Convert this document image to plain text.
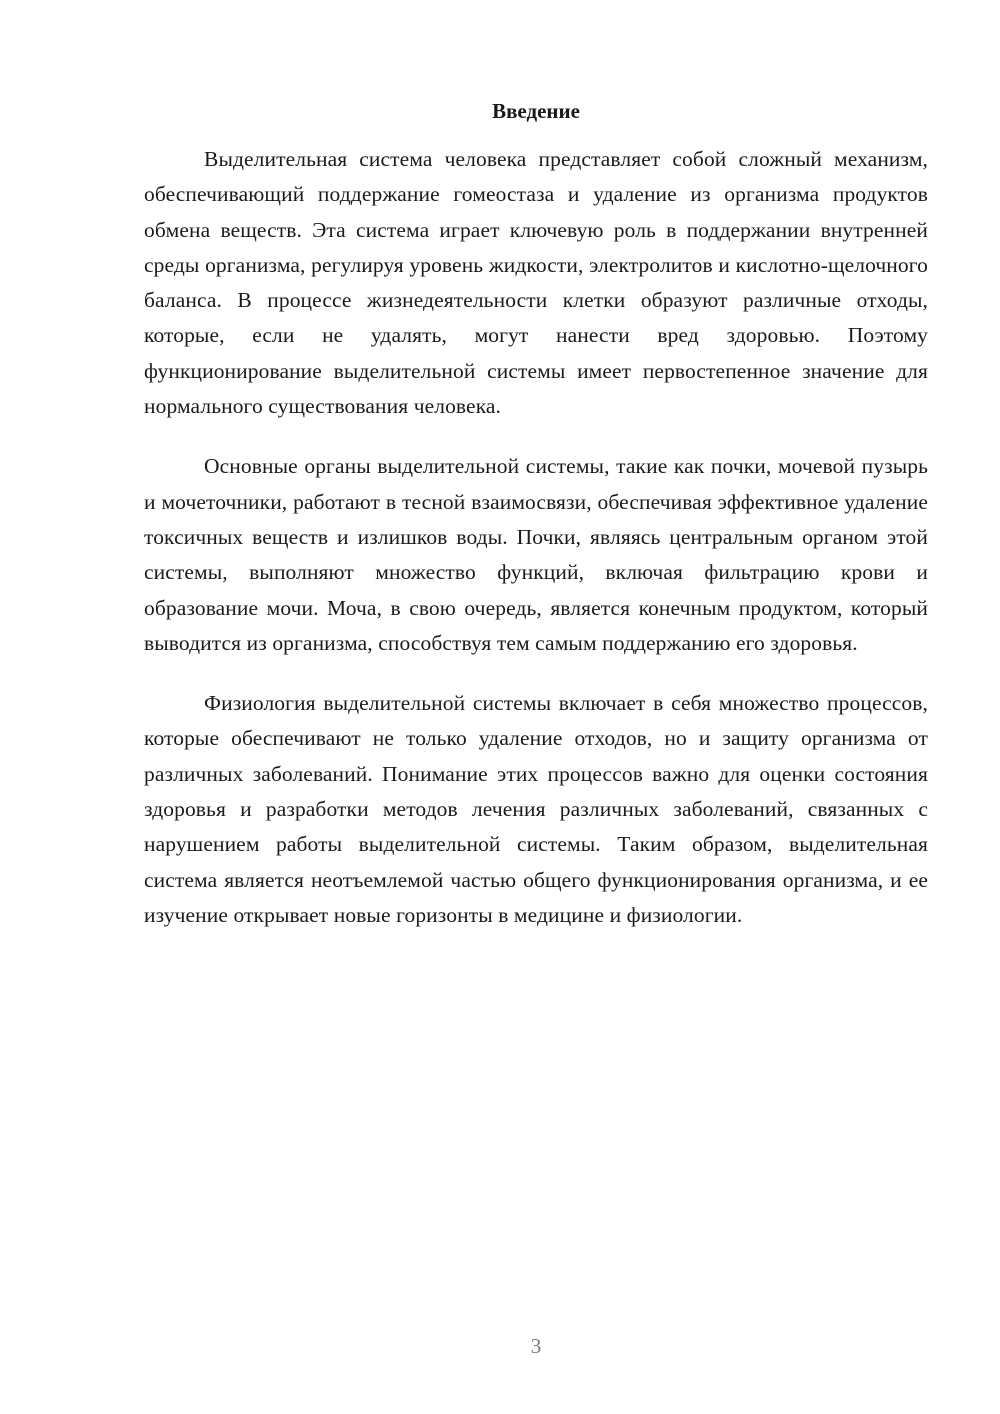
Введение

Выделительная система человека представляет собой сложный механизм, обеспечивающий поддержание гомеостаза и удаление из организма продуктов обмена веществ. Эта система играет ключевую роль в поддержании внутренней среды организма, регулируя уровень жидкости, электролитов и кислотно-щелочного баланса. В процессе жизнедеятельности клетки образуют различные отходы, которые, если не удалять, могут нанести вред здоровью. Поэтому функционирование выделительной системы имеет первостепенное значение для нормального существования человека.

Основные органы выделительной системы, такие как почки, мочевой пузырь и мочеточники, работают в тесной взаимосвязи, обеспечивая эффективное удаление токсичных веществ и излишков воды. Почки, являясь центральным органом этой системы, выполняют множество функций, включая фильтрацию крови и образование мочи. Моча, в свою очередь, является конечным продуктом, который выводится из организма, способствуя тем самым поддержанию его здоровья.

Физиология выделительной системы включает в себя множество процессов, которые обеспечивают не только удаление отходов, но и защиту организма от различных заболеваний. Понимание этих процессов важно для оценки состояния здоровья и разработки методов лечения различных заболеваний, связанных с нарушением работы выделительной системы. Таким образом, выделительная система является неотъемлемой частью общего функционирования организма, и ее изучение открывает новые горизонты в медицине и физиологии.

3
